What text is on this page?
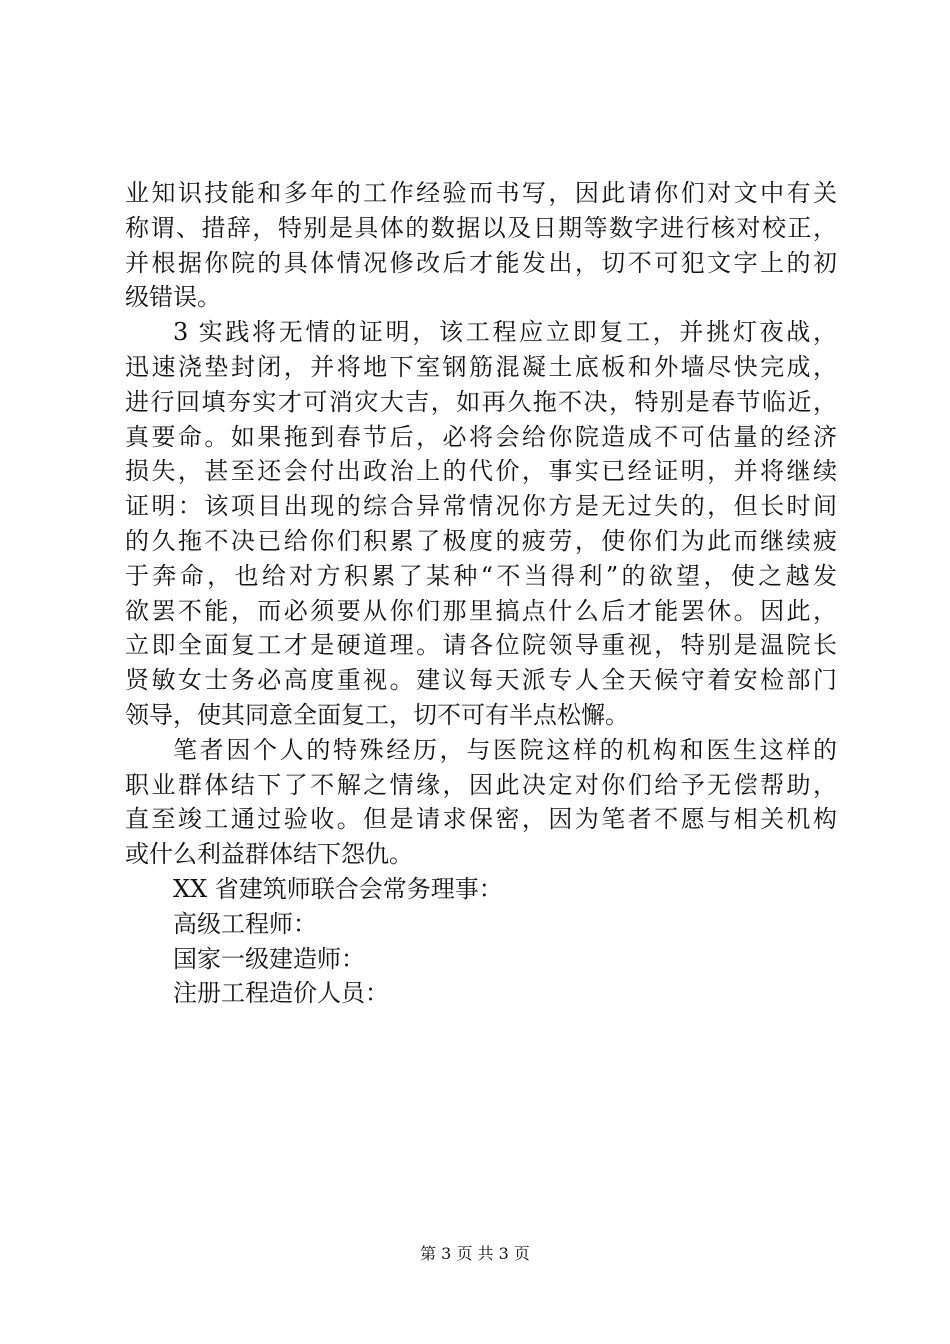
业知识技能和多年的工作经验而书写，因此请你们对文中有关
称谓、措辞，特别是具体的数据以及日期等数字进行核对校正，
并根据你院的具体情况修改后才能发出，切不可犯文字上的初
级错误。
3 实践将无情的证明，该工程应立即复工，并挑灯夜战，
迅速浇垫封闭，并将地下室钢筋混凝土底板和外墙尽快完成，
进行回填夯实才可消灾大吉，如再久拖不决，特别是春节临近，
真要命。如果拖到春节后，必将会给你院造成不可估量的经济
损失，甚至还会付出政治上的代价，事实已经证明，并将继续
证明：该项目出现的综合异常情况你方是无过失的，但长时间
的久拖不决已给你们积累了极度的疲劳，使你们为此而继续疲
于奔命，也给对方积累了某种“不当得利”的欲望，使之越发
欲罢不能，而必须要从你们那里搞点什么后才能罢休。因此，
立即全面复工才是硬道理。请各位院领导重视，特别是温院长
贤敏女士务必高度重视。建议每天派专人全天候守着安检部门
领导，使其同意全面复工，切不可有半点松懈。
笔者因个人的特殊经历，与医院这样的机构和医生这样的
职业群体结下了不解之情缘，因此决定对你们给予无偿帮助，
直至竣工通过验收。但是请求保密，因为笔者不愿与相关机构
或什么利益群体结下怨仇。
XX 省建筑师联合会常务理事：
高级工程师：
国家一级建造师：
注册工程造价人员：
第 3 页 共 3 页
